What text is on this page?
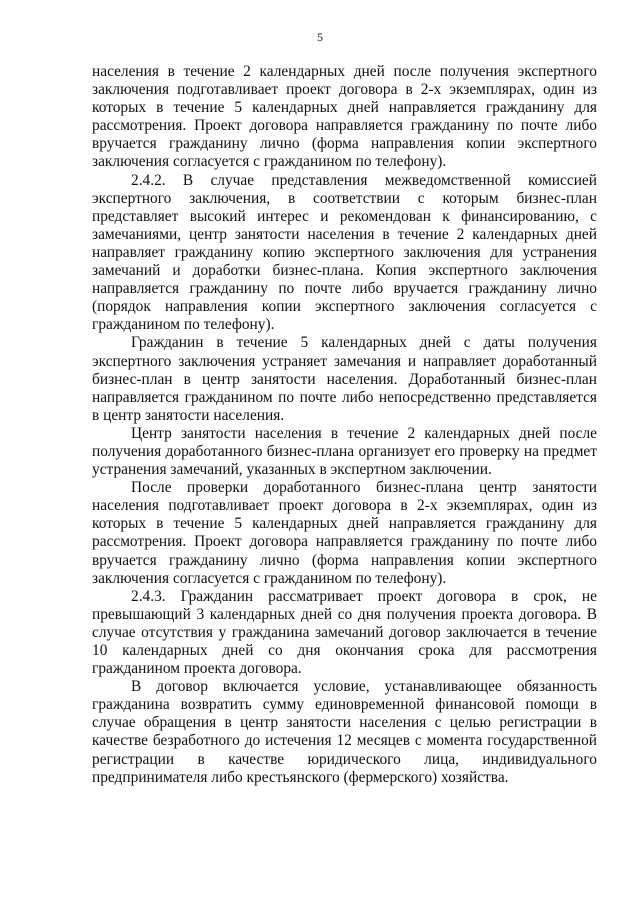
5

населения в течение 2 календарных дней после получения экспертного заключения подготавливает проект договора в 2-х экземплярах, один из которых в течение 5 календарных дней направляется гражданину для рассмотрения. Проект договора направляется гражданину по почте либо вручается гражданину лично (форма направления копии экспертного заключения согласуется с гражданином по телефону).

2.4.2. В случае представления межведомственной комиссией экспертного заключения, в соответствии с которым бизнес-план представляет высокий интерес и рекомендован к финансированию, с замечаниями, центр занятости населения в течение 2 календарных дней направляет гражданину копию экспертного заключения для устранения замечаний и доработки бизнес-плана. Копия экспертного заключения направляется гражданину по почте либо вручается гражданину лично (порядок направления копии экспертного заключения согласуется с гражданином по телефону).

Гражданин в течение 5 календарных дней с даты получения экспертного заключения устраняет замечания и направляет доработанный бизнес-план в центр занятости населения. Доработанный бизнес-план направляется гражданином по почте либо непосредственно представляется в центр занятости населения.

Центр занятости населения в течение 2 календарных дней после получения доработанного бизнес-плана организует его проверку на предмет устранения замечаний, указанных в экспертном заключении.

После проверки доработанного бизнес-плана центр занятости населения подготавливает проект договора в 2-х экземплярах, один из которых в течение 5 календарных дней направляется гражданину для рассмотрения. Проект договора направляется гражданину по почте либо вручается гражданину лично (форма направления копии экспертного заключения согласуется с гражданином по телефону).

2.4.3. Гражданин рассматривает проект договора в срок, не превышающий 3 календарных дней со дня получения проекта договора. В случае отсутствия у гражданина замечаний договор заключается в течение 10 календарных дней со дня окончания срока для рассмотрения гражданином проекта договора.

В договор включается условие, устанавливающее обязанность гражданина возвратить сумму единовременной финансовой помощи в случае обращения в центр занятости населения с целью регистрации в качестве безработного до истечения 12 месяцев с момента государственной регистрации в качестве юридического лица, индивидуального предпринимателя либо крестьянского (фермерского) хозяйства.
